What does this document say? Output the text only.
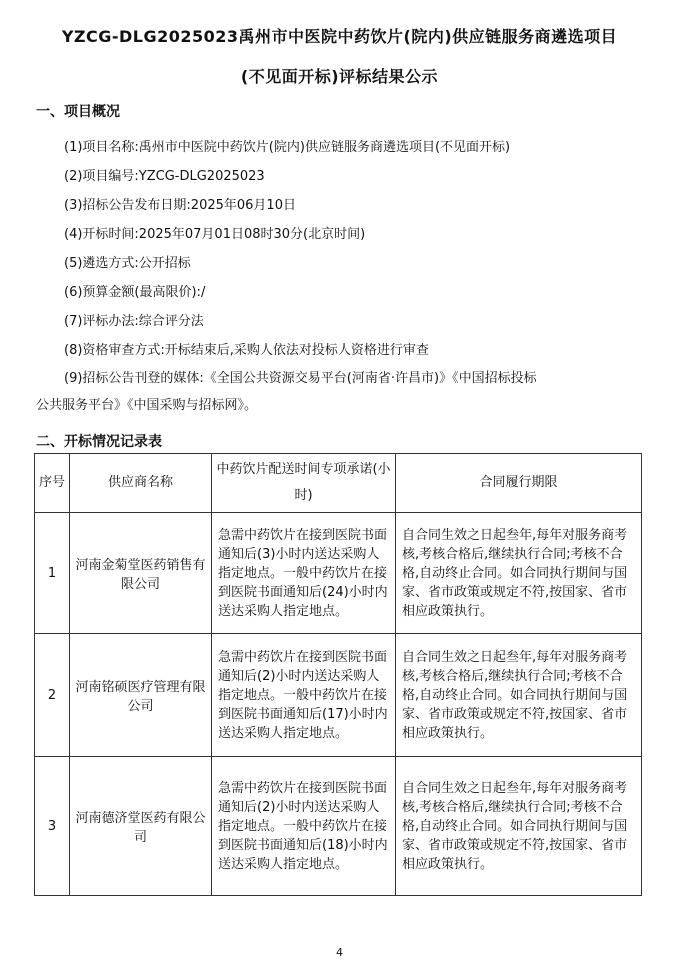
YZCG-DLG2025023禹州市中医院中药饮片(院内)供应链服务商遴选项目
(不见面开标)评标结果公示
一、项目概况
(1)项目名称:禹州市中医院中药饮片(院内)供应链服务商遴选项目(不见面开标)
(2)项目编号:YZCG-DLG2025023
(3)招标公告发布日期:2025年06月10日
(4)开标时间:2025年07月01日08时30分(北京时间)
(5)遴选方式:公开招标
(6)预算金额(最高限价):/
(7)评标办法:综合评分法
(8)资格审查方式:开标结束后,采购人依法对投标人资格进行审查
(9)招标公告刊登的媒体:《全国公共资源交易平台(河南省·许昌市)》《中国招标投标
公共服务平台》《中国采购与招标网》。
二、开标情况记录表
序号	供应商名称	中药饮片配送时间专项承诺(小时)	合同履行期限
1	河南金菊堂医药销售有限公司	急需中药饮片在接到医院书面通知后(3)小时内送达采购人指定地点。一般中药饮片在接到医院书面通知后(24)小时内送达采购人指定地点。	自合同生效之日起叁年,每年对服务商考核,考核合格后,继续执行合同;考核不合格,自动终止合同。如合同执行期间与国家、省市政策或规定不符,按国家、省市相应政策执行。
2	河南铭硕医疗管理有限公司	急需中药饮片在接到医院书面通知后(2)小时内送达采购人指定地点。一般中药饮片在接到医院书面通知后(17)小时内送达采购人指定地点。	自合同生效之日起叁年,每年对服务商考核,考核合格后,继续执行合同;考核不合格,自动终止合同。如合同执行期间与国家、省市政策或规定不符,按国家、省市相应政策执行。
3	河南德济堂医药有限公司	急需中药饮片在接到医院书面通知后(2)小时内送达采购人指定地点。一般中药饮片在接到医院书面通知后(18)小时内送达采购人指定地点。	自合同生效之日起叁年,每年对服务商考核,考核合格后,继续执行合同;考核不合格,自动终止合同。如合同执行期间与国家、省市政策或规定不符,按国家、省市相应政策执行。
4
